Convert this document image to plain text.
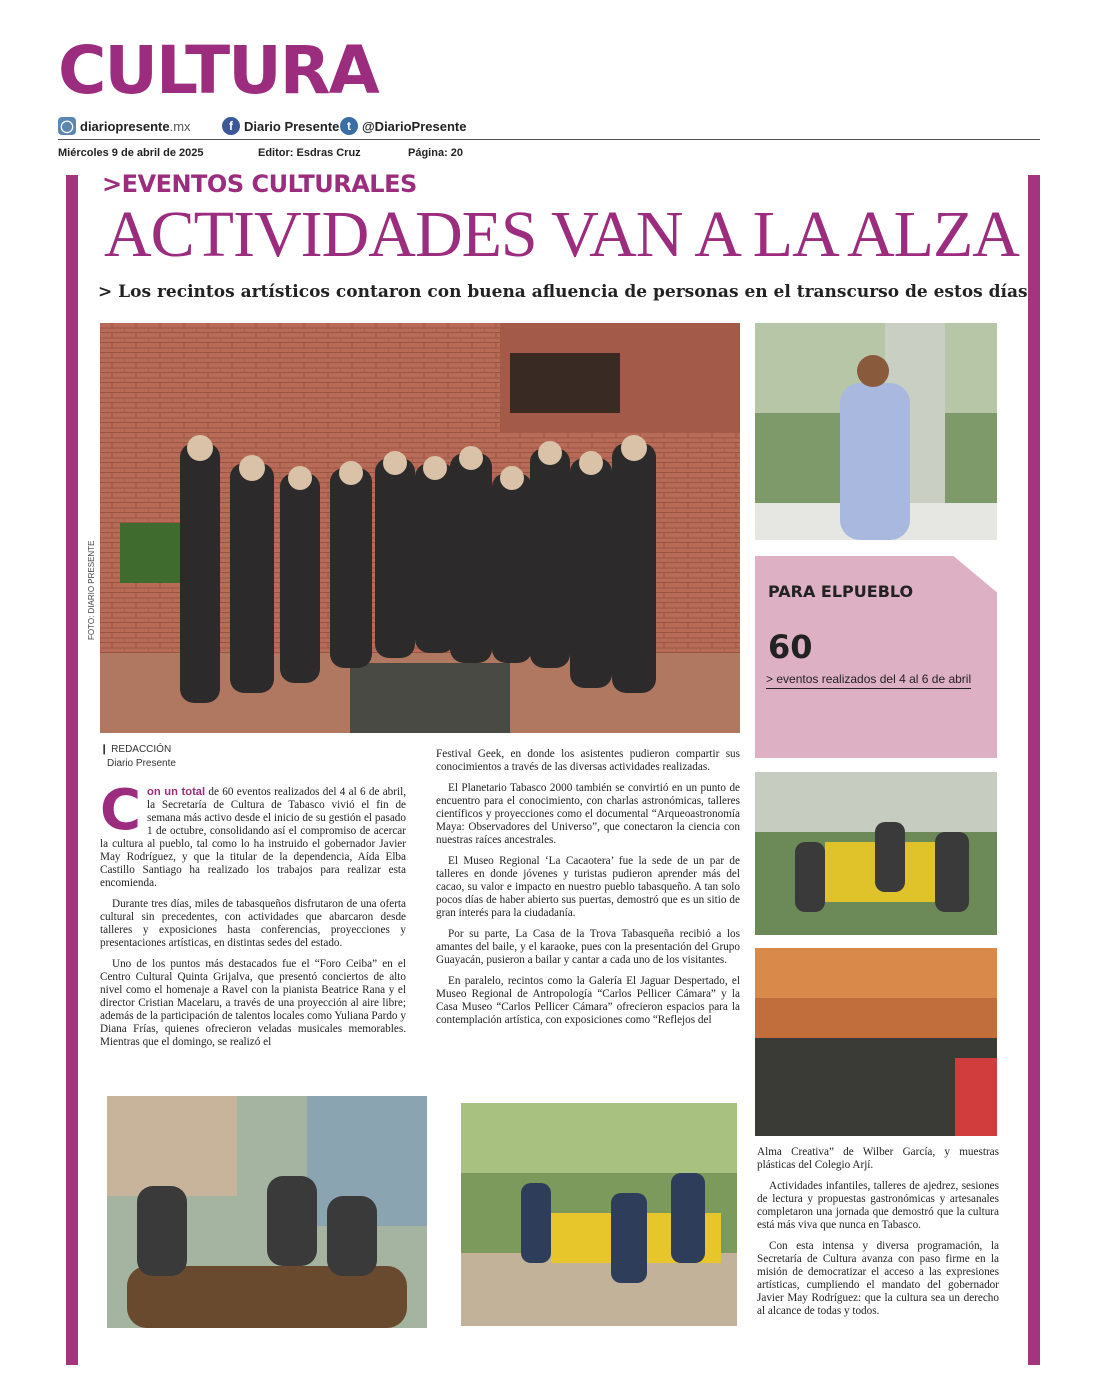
CULTURA
◯ diariopresente .mx	f Diario Presente t @DiarioPresente
Miércoles 9 de abril de 2025	Editor: Esdras Cruz	Página: 20
>EVENTOS CULTURALES
ACTIVIDADES VAN A LA ALZA
> Los recintos artísticos contaron con buena afluencia de personas en el transcurso de estos días
FOTO: DIARIO PRESENTE	PARA ELPUEBLO
60
> eventos realizados del 4 al 6 de abril
❙ REDACCIÓN
Diario Presente

Con un total de 60 eventos realizados del 4 al 6 de abril, la Secretaría de Cultura de Tabasco vivió el fin de semana más activo desde el inicio de su gestión el pasado 1 de octubre, consolidando así el compromiso de acercar la cultura al pueblo, tal como lo ha instruido el gobernador Javier May Rodríguez, y que la titular de la dependencia, Aída Elba Castillo Santiago ha realizado los trabajos para realizar esta encomienda.

Durante tres días, miles de tabasqueños disfrutaron de una oferta cultural sin precedentes, con actividades que abarcaron desde talleres y exposiciones hasta conferencias, proyecciones y presentaciones artísticas, en distintas sedes del estado.

Uno de los puntos más destacados fue el “Foro Ceiba” en el Centro Cultural Quinta Grijalva, que presentó conciertos de alto nivel como el homenaje a Ravel con la pianista Beatrice Rana y el director Cristian Macelaru, a través de una proyección al aire libre; además de la participación de talentos locales como Yuliana Pardo y Diana Frías, quienes ofrecieron veladas musicales memorables. Mientras que el domingo, se realizó el

Festival Geek, en donde los asistentes pudieron compartir sus conocimientos a través de las diversas actividades realizadas.

El Planetario Tabasco 2000 también se convirtió en un punto de encuentro para el conocimiento, con charlas astronómicas, talleres científicos y proyecciones como el documental “Arqueoastronomía Maya: Observadores del Universo”, que conectaron la ciencia con nuestras raíces ancestrales.

El Museo Regional ‘La Cacaotera’ fue la sede de un par de talleres en donde jóvenes y turistas pudieron aprender más del cacao, su valor e impacto en nuestro pueblo tabasqueño. A tan solo pocos días de haber abierto sus puertas, demostró que es un sitio de gran interés para la ciudadanía.

Por su parte, La Casa de la Trova Tabasqueña recibió a los amantes del baile, y el karaoke, pues con la presentación del Grupo Guayacán, pusieron a bailar y cantar a cada uno de los visitantes.

En paralelo, recintos como la Galería El Jaguar Despertado, el Museo Regional de Antropología “Carlos Pellicer Cámara” y la Casa Museo “Carlos Pellicer Cámara” ofrecieron espacios para la contemplación artística, con exposiciones como “Reflejos del

Alma Creativa” de Wilber García, y muestras plásticas del Colegio Arjí.

Actividades infantiles, talleres de ajedrez, sesiones de lectura y propuestas gastronómicas y artesanales completaron una jornada que demostró que la cultura está más viva que nunca en Tabasco.

Con esta intensa y diversa programación, la Secretaría de Cultura avanza con paso firme en la misión de democratizar el acceso a las expresiones artísticas, cumpliendo el mandato del gobernador Javier May Rodríguez: que la cultura sea un derecho al alcance de todas y todos.
